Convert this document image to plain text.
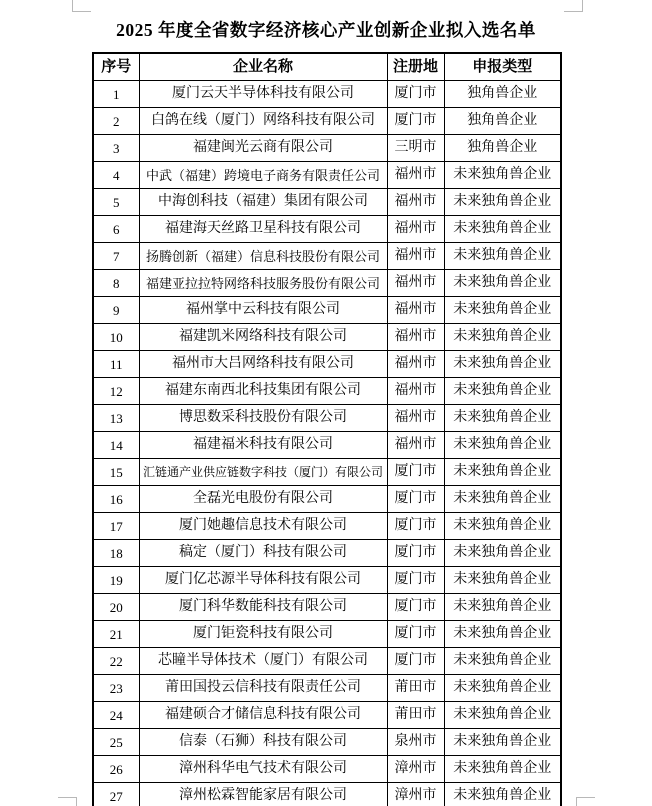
2025 年度全省数字经济核心产业创新企业拟入选名单
序号	企业名称	注册地	申报类型
1	厦门云天半导体科技有限公司	厦门市	独角兽企业
2	白鸽在线（厦门）网络科技有限公司	厦门市	独角兽企业
3	福建闽光云商有限公司	三明市	独角兽企业
4	中武（福建）跨境电子商务有限责任公司	福州市	未来独角兽企业
5	中海创科技（福建）集团有限公司	福州市	未来独角兽企业
6	福建海天丝路卫星科技有限公司	福州市	未来独角兽企业
7	扬腾创新（福建）信息科技股份有限公司	福州市	未来独角兽企业
8	福建亚拉拉特网络科技服务股份有限公司	福州市	未来独角兽企业
9	福州掌中云科技有限公司	福州市	未来独角兽企业
10	福建凯米网络科技有限公司	福州市	未来独角兽企业
11	福州市大吕网络科技有限公司	福州市	未来独角兽企业
12	福建东南西北科技集团有限公司	福州市	未来独角兽企业
13	博思数采科技股份有限公司	福州市	未来独角兽企业
14	福建福米科技有限公司	福州市	未来独角兽企业
15	汇链通产业供应链数字科技（厦门）有限公司	厦门市	未来独角兽企业
16	全磊光电股份有限公司	厦门市	未来独角兽企业
17	厦门她趣信息技术有限公司	厦门市	未来独角兽企业
18	稿定（厦门）科技有限公司	厦门市	未来独角兽企业
19	厦门亿芯源半导体科技有限公司	厦门市	未来独角兽企业
20	厦门科华数能科技有限公司	厦门市	未来独角兽企业
21	厦门钜瓷科技有限公司	厦门市	未来独角兽企业
22	芯瞳半导体技术（厦门）有限公司	厦门市	未来独角兽企业
23	莆田国投云信科技有限责任公司	莆田市	未来独角兽企业
24	福建硕合才储信息科技有限公司	莆田市	未来独角兽企业
25	信泰（石狮）科技有限公司	泉州市	未来独角兽企业
26	漳州科华电气技术有限公司	漳州市	未来独角兽企业
27	漳州松霖智能家居有限公司	漳州市	未来独角兽企业
